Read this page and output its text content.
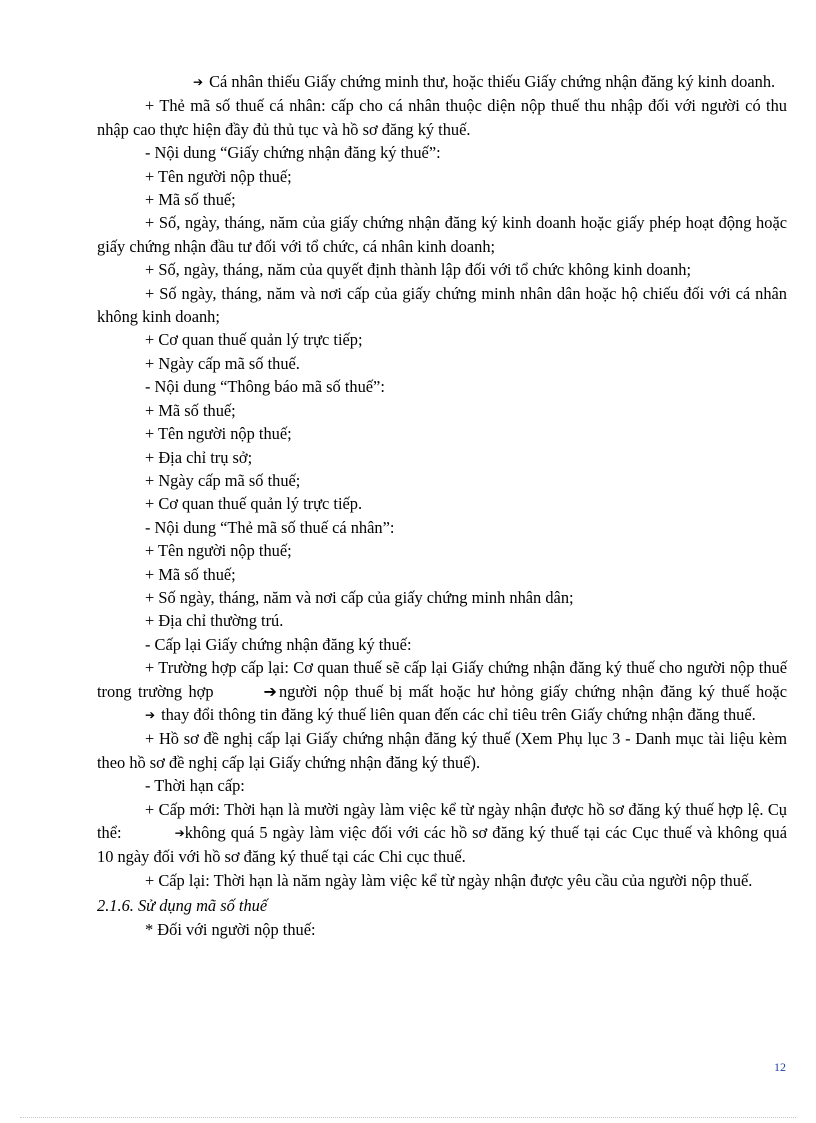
➔ Cá nhân thiếu Giấy chứng minh thư, hoặc thiếu Giấy chứng nhận đăng ký kinh doanh.

+ Thẻ mã số thuế cá nhân: cấp cho cá nhân thuộc diện nộp thuế thu nhập đối với người có thu nhập cao thực hiện đầy đủ thủ tục và hồ sơ đăng ký thuế.

- Nội dung “Giấy chứng nhận đăng ký thuế”:

+ Tên người nộp thuế;

+ Mã số thuế;

+ Số, ngày, tháng, năm của giấy chứng nhận đăng ký kinh doanh hoặc giấy phép hoạt động hoặc giấy chứng nhận đầu tư đối với tổ chức, cá nhân kinh doanh;

+ Số, ngày, tháng, năm của quyết định thành lập đối với tổ chức không kinh doanh;

+ Số ngày, tháng, năm và nơi cấp của giấy chứng minh nhân dân hoặc hộ chiếu đối với cá nhân không kinh doanh;

+ Cơ quan thuế quản lý trực tiếp;

+ Ngày cấp mã số thuế.

- Nội dung “Thông báo mã số thuế”:

+ Mã số thuế;

+ Tên người nộp thuế;

+ Địa chỉ trụ sở;

+ Ngày cấp mã số thuế;

+ Cơ quan thuế quản lý trực tiếp.

- Nội dung “Thẻ mã số thuế cá nhân”:

+ Tên người nộp thuế;

+ Mã số thuế;

+ Số ngày, tháng, năm và nơi cấp của giấy chứng minh nhân dân;

+ Địa chỉ thường trú.

- Cấp lại Giấy chứng nhận đăng ký thuế:

+ Trường hợp cấp lại: Cơ quan thuế sẽ cấp lại Giấy chứng nhận đăng ký thuế cho người nộp thuế trong trường hợp	➔ người nộp thuế bị mất hoặc hư hỏng giấy chứng nhận đăng ký thuế hoặc ➔ thay đổi thông tin đăng ký thuế liên quan đến các chỉ tiêu trên Giấy chứng nhận đăng thuế.

+ Hồ sơ đề nghị cấp lại Giấy chứng nhận đăng ký thuế (Xem Phụ lục 3 - Danh mục tài liệu kèm theo hồ sơ đề nghị cấp lại Giấy chứng nhận đăng ký thuế).

- Thời hạn cấp:

+ Cấp mới: Thời hạn là mười ngày làm việc kể từ ngày nhận được hồ sơ đăng ký thuế hợp lệ. Cụ thể:	➔không quá 5 ngày làm việc đối với các hồ sơ đăng ký thuế tại các Cục thuế và không quá 10 ngày đối với hồ sơ đăng ký thuế tại các Chi cục thuế.

+ Cấp lại: Thời hạn là năm ngày làm việc kể từ ngày nhận được yêu cầu của người nộp thuế.

2.1.6. Sử dụng mã số thuế

* Đối với người nộp thuế:

12
